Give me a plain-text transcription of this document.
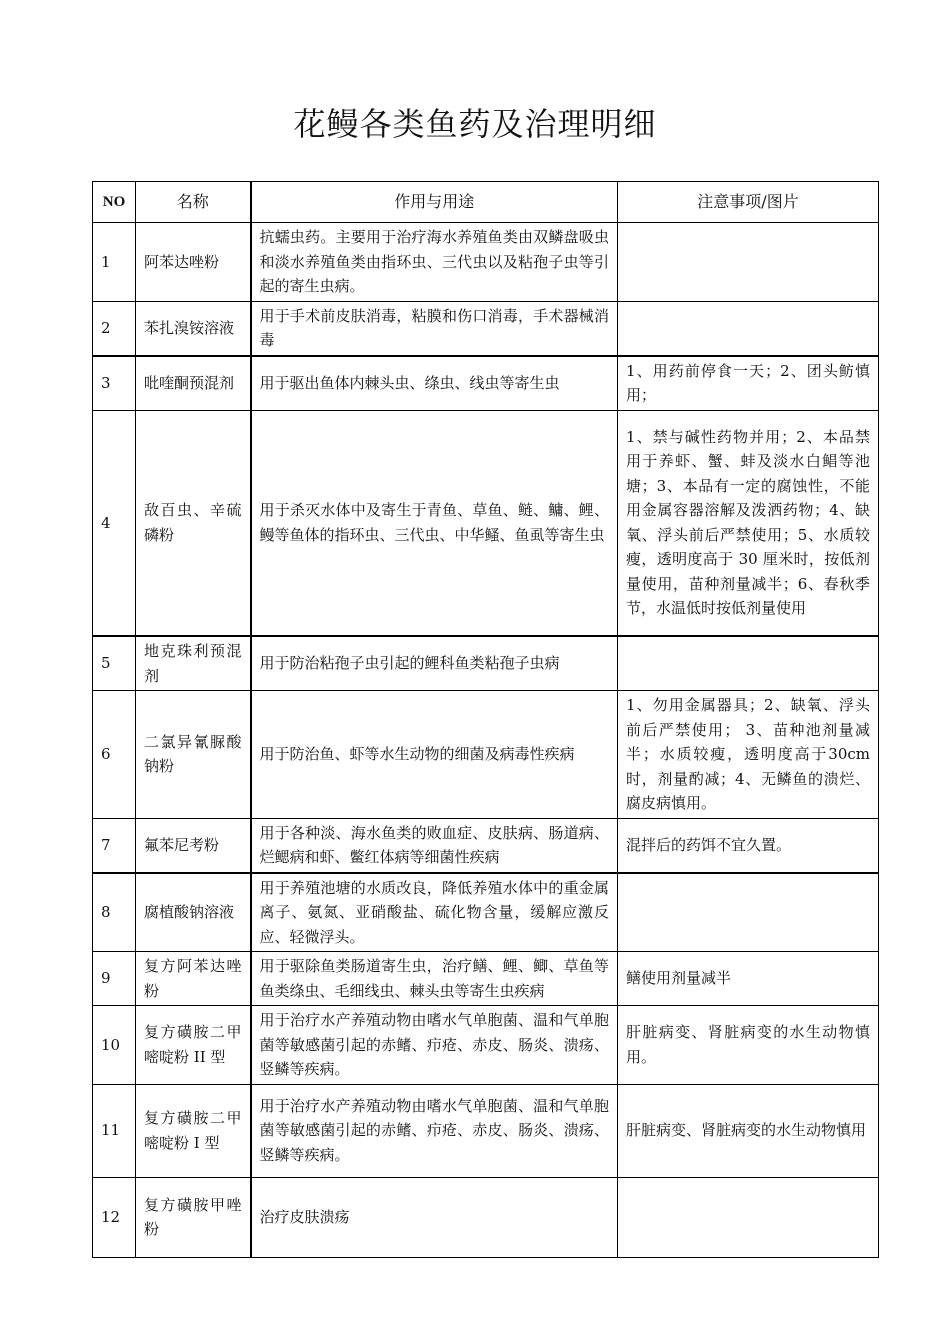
花鳗各类鱼药及治理明细
NO	名称	作用与用途	注意事项/图片
1	阿苯达唑粉	抗蠕虫药。主要用于治疗海水养殖鱼类由双鳞盘吸虫和淡水养殖鱼类由指环虫、三代虫以及粘孢子虫等引起的寄生虫病。	
2	苯扎溴铵溶液	用于手术前皮肤消毒，粘膜和伤口消毒，手术器械消毒	
3	吡喹酮预混剂	用于驱出鱼体内棘头虫、绦虫、线虫等寄生虫	1、用药前停食一天；2、团头鲂慎用；
4	敌百虫、辛硫磷粉	用于杀灭水体中及寄生于青鱼、草鱼、鲢、鳙、鲤、鳗等鱼体的指环虫、三代虫、中华鳋、鱼虱等寄生虫	1、禁与碱性药物并用；2、本品禁用于养虾、蟹、蚌及淡水白鲳等池塘；3、本品有一定的腐蚀性，不能用金属容器溶解及泼洒药物；4、缺氧、浮头前后严禁使用；5、水质较瘦，透明度高于 30 厘米时，按低剂量使用，苗种剂量减半；6、春秋季节，水温低时按低剂量使用
5	地克珠利预混剂	用于防治粘孢子虫引起的鲤科鱼类粘孢子虫病	
6	二氯异氰脲酸钠粉	用于防治鱼、虾等水生动物的细菌及病毒性疾病	1、勿用金属器具；2、缺氧、浮头前后严禁使用； 3、苗种池剂量减半；水质较瘦，透明度高于30cm 时，剂量酌减；4、无鳞鱼的溃烂、腐皮病慎用。
7	氟苯尼考粉	用于各种淡、海水鱼类的败血症、皮肤病、肠道病、烂鳃病和虾、鳖红体病等细菌性疾病	混拌后的药饵不宜久置。
8	腐植酸钠溶液	用于养殖池塘的水质改良，降低养殖水体中的重金属离子、氨氮、亚硝酸盐、硫化物含量，缓解应激反应、轻微浮头。	
9	复方阿苯达唑粉	用于驱除鱼类肠道寄生虫，治疗鳝、鲤、鲫、草鱼等鱼类绦虫、毛细线虫、棘头虫等寄生虫疾病	鳝使用剂量减半
10	复方磺胺二甲嘧啶粉 II 型	用于治疗水产养殖动物由嗜水气单胞菌、温和气单胞菌等敏感菌引起的赤鳍、疖疮、赤皮、肠炎、溃疡、竖鳞等疾病。	肝脏病变、肾脏病变的水生动物慎用。
11	复方磺胺二甲嘧啶粉 I 型	用于治疗水产养殖动物由嗜水气单胞菌、温和气单胞菌等敏感菌引起的赤鳍、疖疮、赤皮、肠炎、溃疡、竖鳞等疾病。	肝脏病变、肾脏病变的水生动物慎用
12	复方磺胺甲唑粉	治疗皮肤溃疡	
